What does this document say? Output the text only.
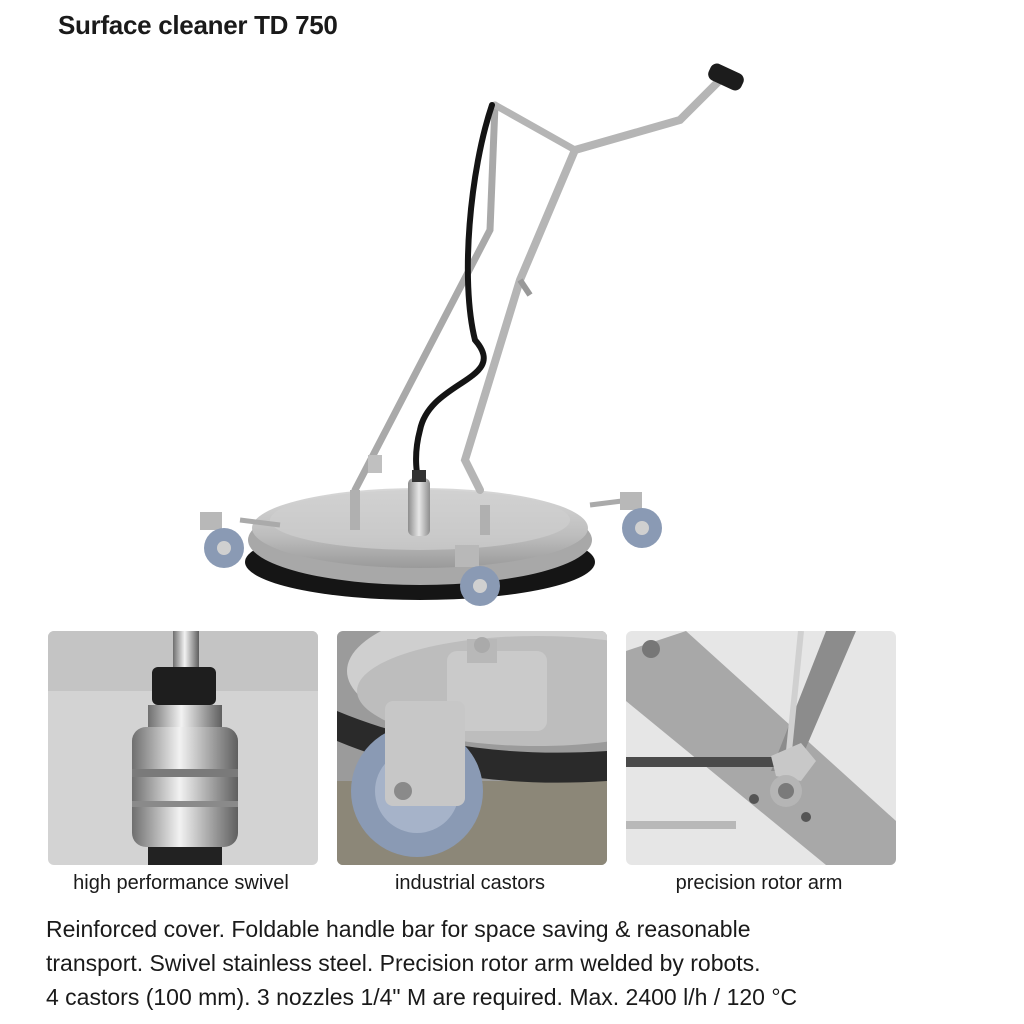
Surface cleaner TD 750
high performance swivel	industrial castors	precision rotor arm
Reinforced cover. Foldable handle bar for space saving & reasonable
transport. Swivel stainless steel. Precision rotor arm welded by robots.
4 castors (100 mm). 3 nozzles 1/4" M are required. Max. 2400 l/h / 120 °C
